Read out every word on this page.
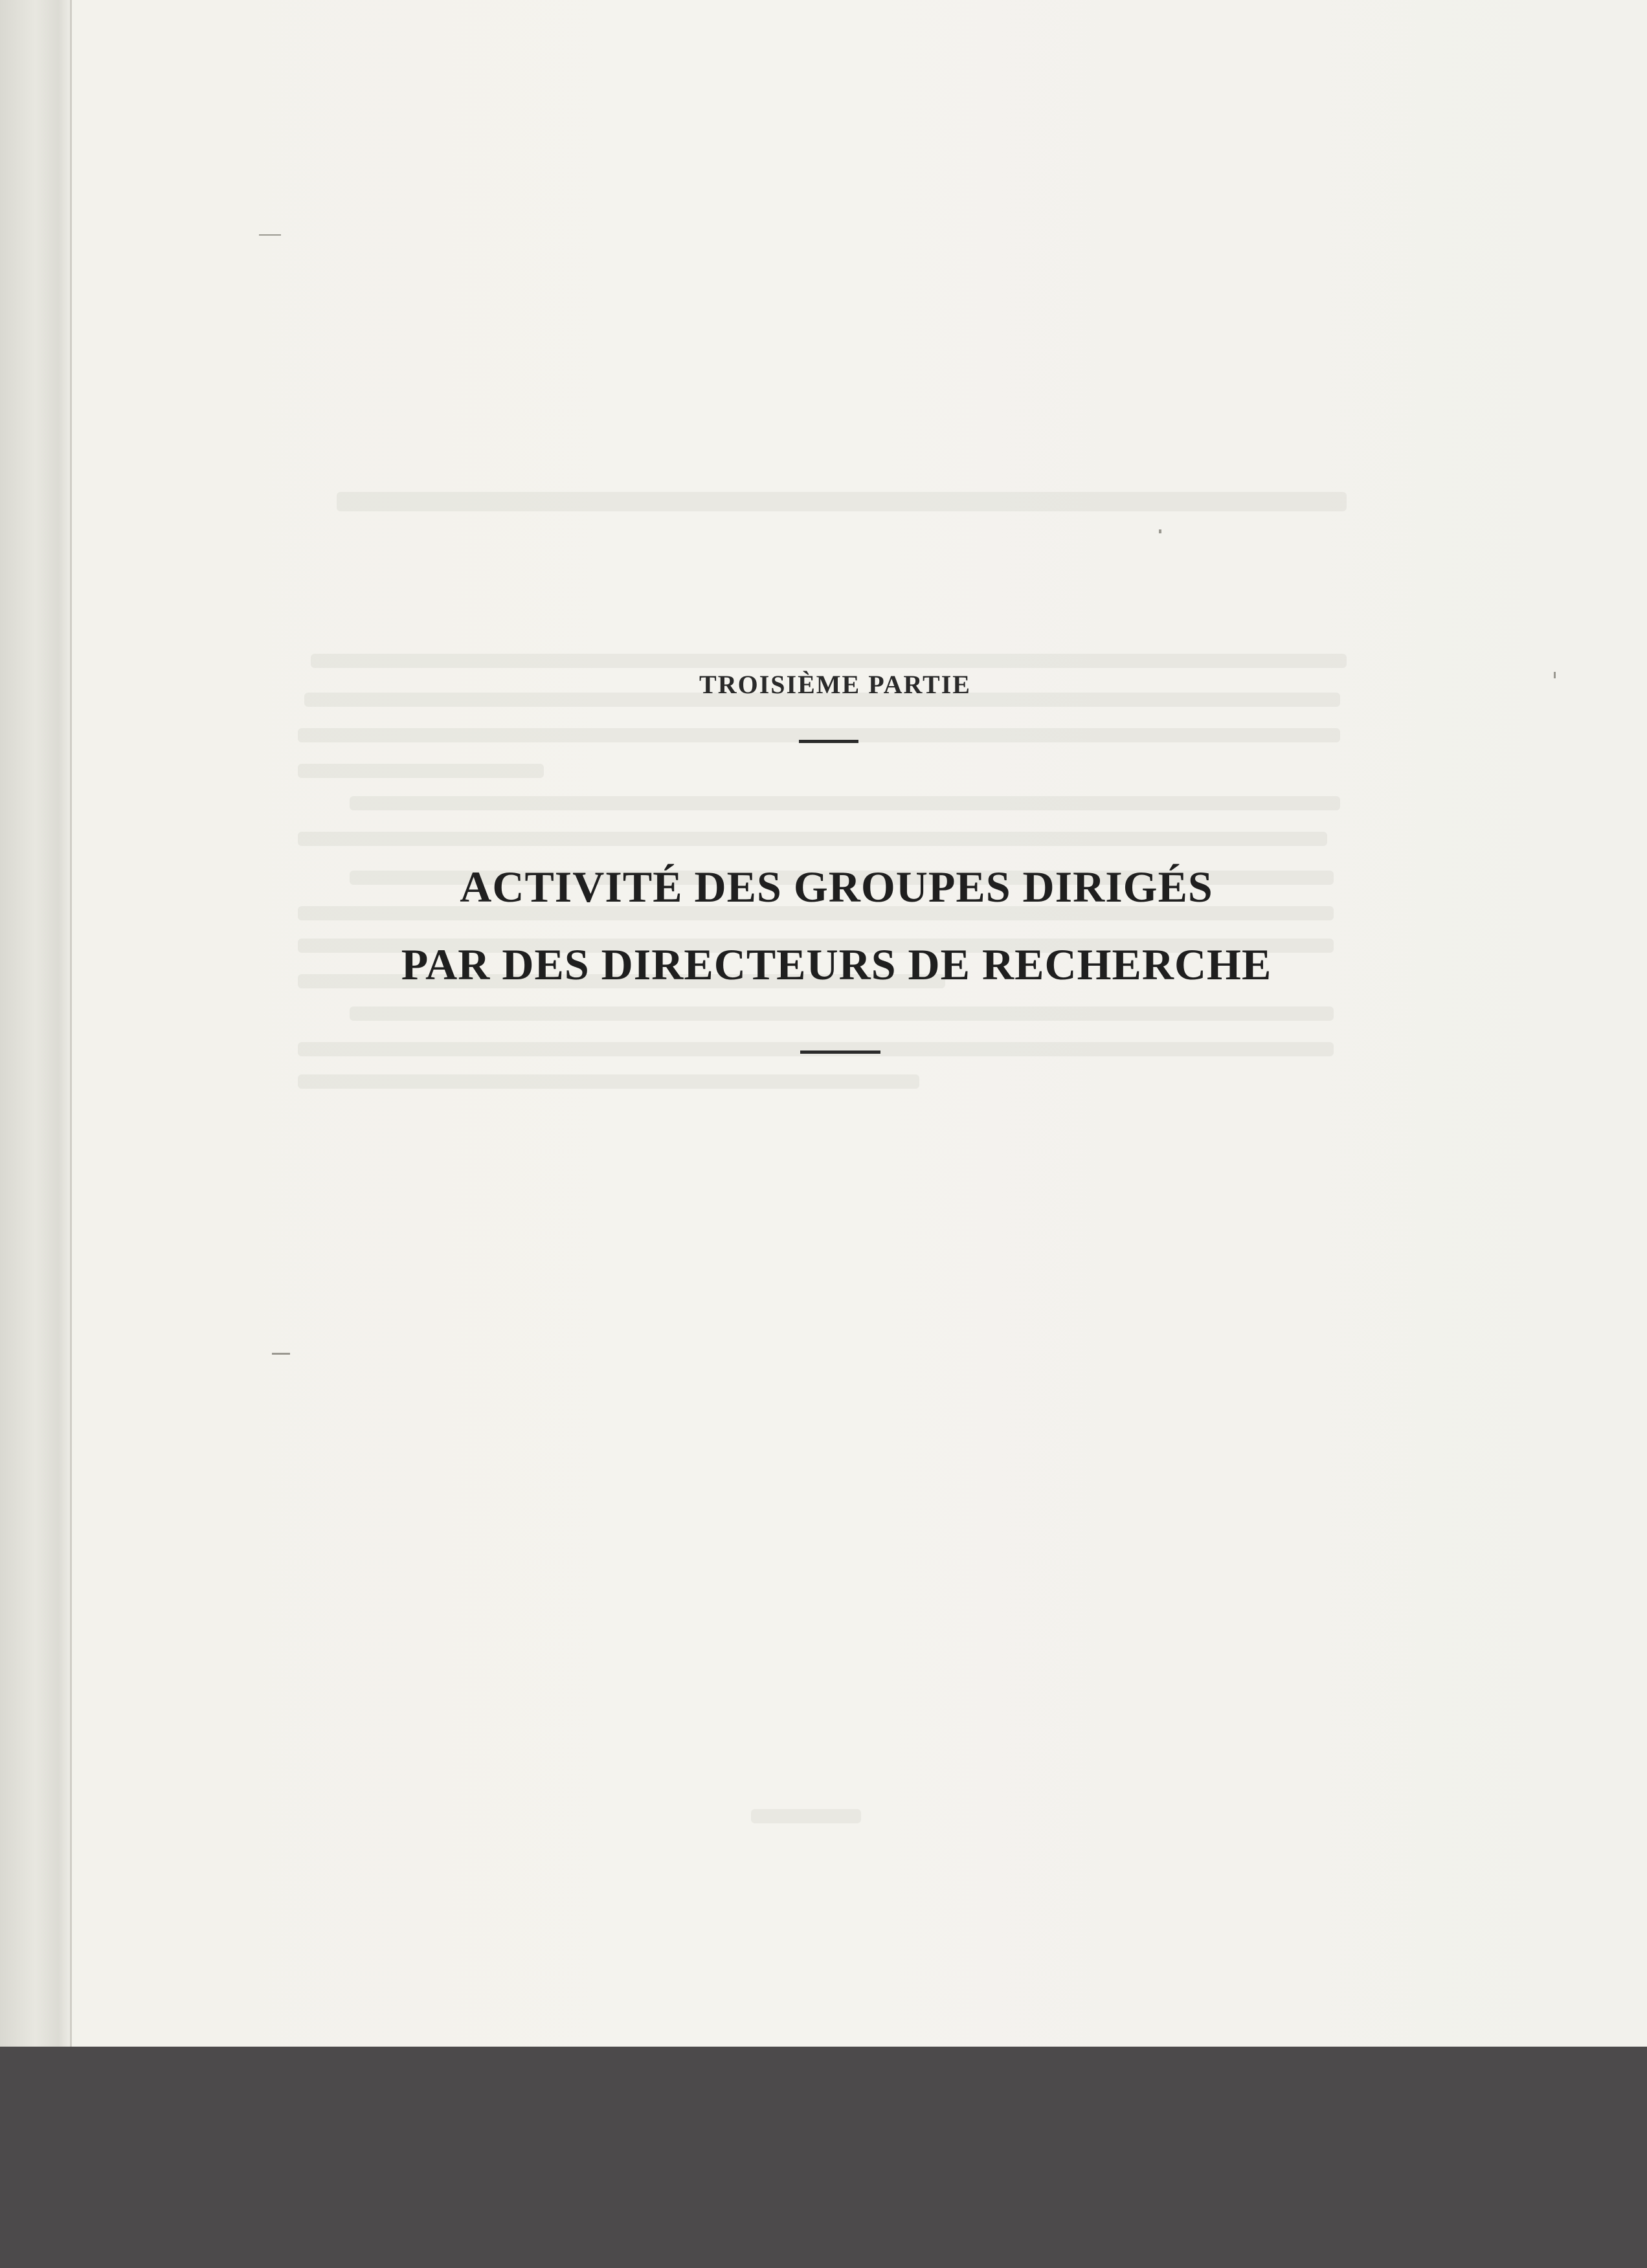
TROISIÈME PARTIE

ACTIVITÉ DES GROUPES DIRIGÉS
PAR DES DIRECTEURS DE RECHERCHE
